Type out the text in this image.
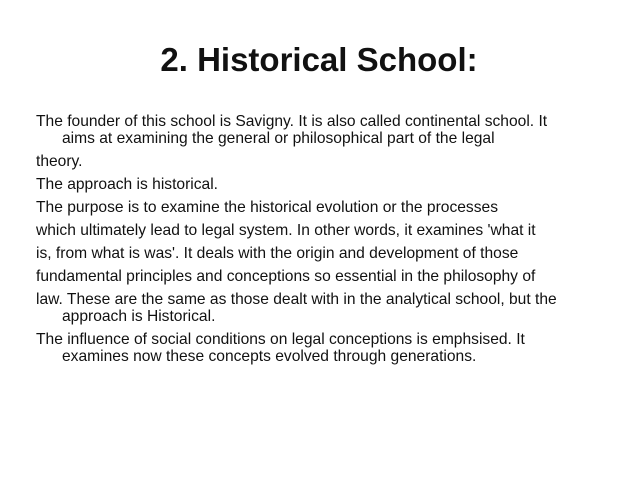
2. Historical School:

The founder of this school is Savigny. It is also called continental school. It

aims at examining the general or philosophical part of the legal

theory.

The approach is historical.

The purpose is to examine the historical evolution or the processes

which ultimately lead to legal system. In other words, it examines 'what it

is, from what is was'. It deals with the origin and development of those

fundamental principles and conceptions so essential in the philosophy of

law. These are the same as those dealt with in the analytical school, but the

approach is Historical.

The influence of social conditions on legal conceptions is emphsised. It

examines now these concepts evolved through generations.
